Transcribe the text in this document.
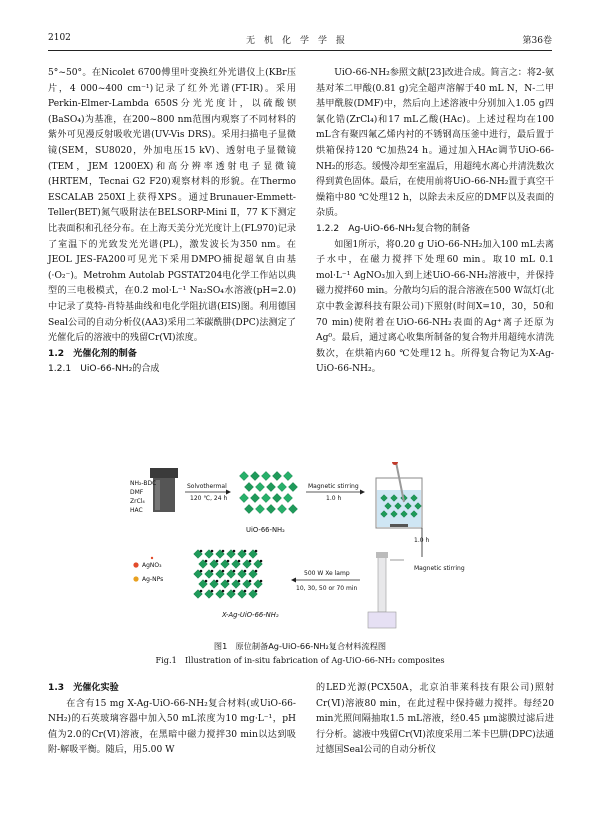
2102	无机化学学报	第36卷

5°~50°。在Nicolet 6700傅里叶变换红外光谱仪上(KBr压片，4 000~400 cm⁻¹)记录了红外光谱(FT-IR)。采用Perkin-Elmer-Lambda 650S分光光度计，以硫酸钡(BaSO₄)为基准，在200~800 nm范围内观察了不同材料的紫外可见漫反射吸收光谱(UV-Vis DRS)。采用扫描电子显微镜(SEM，SU8020，外加电压15 kV)、透射电子显微镜(TEM，JEM 1200EX)和高分辨率透射电子显微镜(HRTEM，Tecnai G2 F20)观察材料的形貌。在Thermo ESCALAB 250XI上获得XPS。通过Brunauer-Emmett-Teller(BET)氮气吸附法在BELSORP-Mini Ⅱ，77 K下测定比表面积和孔径分布。在上海天美分光光度计上(FL970)记录了室温下的光致发光光谱(PL)，激发波长为350 nm。在JEOL JES-FA200可见光下采用DMPO捕捉超氧自由基(·O₂⁻)。Metrohm Autolab PGSTAT204电化学工作站以典型的三电极模式，在0.2 mol·L⁻¹ Na₂SO₄水溶液(pH=2.0)中记录了莫特-肖特基曲线和电化学阻抗谱(EIS)图。利用德国Seal公司的自动分析仪(AA3)采用二苯碳酰肼(DPC)法测定了光催化后的溶液中的残留Cr(Ⅵ)浓度。

1.2　光催化剂的制备

1.2.1　UiO-66-NH₂的合成

UiO-66-NH₂参照文献[23]改进合成。简言之：将2-氨基对苯二甲酸(0.81 g)完全超声溶解于40 mL N，N-二甲基甲酰胺(DMF)中，然后向上述溶液中分别加入1.05 g四氯化锆(ZrCl₄)和17 mL乙酸(HAc)。上述过程均在100 mL含有聚四氟乙烯内衬的不锈钢高压釜中进行，最后置于烘箱保持120 ℃加热24 h。通过加入HAc调节UiO-66-NH₂的形态。缓慢冷却至室温后，用超纯水离心并清洗数次得到黄色固体。最后，在使用前将UiO-66-NH₂置于真空干燥箱中80 ℃处理12 h，以除去未反应的DMF以及表面的杂质。

1.2.2　Ag-UiO-66-NH₂复合物的制备

如图1所示，将0.20 g UiO-66-NH₂加入100 mL去离子水中，在磁力搅拌下处理60 min。取10 mL 0.1 mol·L⁻¹ AgNO₃加入到上述UiO-66-NH₂溶液中，并保持磁力搅拌60 min。分散均匀后的混合溶液在500 W氙灯(北京中教金源科技有限公司)下照射(时间X=10，30，50和70 min)使附着在UiO-66-NH₂表面的Ag⁺离子还原为Ag⁰。最后，通过离心收集所制备的复合物并用超纯水清洗数次，在烘箱内60 ℃处理12 h。所得复合物记为X-Ag-UiO-66-NH₂。

NH₂-BDC
DMF
ZrCl₄
HAC
Solvothermal
120 ℃, 24 h
UiO-66-NH₂
Magnetic stirring
1.0 h
1.0 h
Magnetic stirring
500 W Xe lamp
10, 30, 50 or 70 min
AgNO₃
Ag-NPs
X-Ag-UiO-66-NH₂
图1　原位制备Ag-UiO-66-NH₂复合材料流程图
Fig.1　Illustration of in-situ fabrication of Ag-UiO-66-NH₂ composites

1.3　光催化实验

在含有15 mg X-Ag-UiO-66-NH₂复合材料(或UiO-66-NH₂)的石英玻璃容器中加入50 mL浓度为10 mg·L⁻¹，pH值为2.0的Cr(Ⅵ)溶液，在黑暗中磁力搅拌30 min以达到吸附-解吸平衡。随后，用5.00 W

的LED光源(PCX50A，北京泊菲莱科技有限公司)照射Cr(Ⅵ)溶液80 min，在此过程中保持磁力搅拌。每经20 min光照间隔抽取1.5 mL溶液，经0.45 μm滤膜过滤后进行分析。滤液中残留Cr(Ⅵ)浓度采用二苯卡巴肼(DPC)法通过德国Seal公司的自动分析仪
